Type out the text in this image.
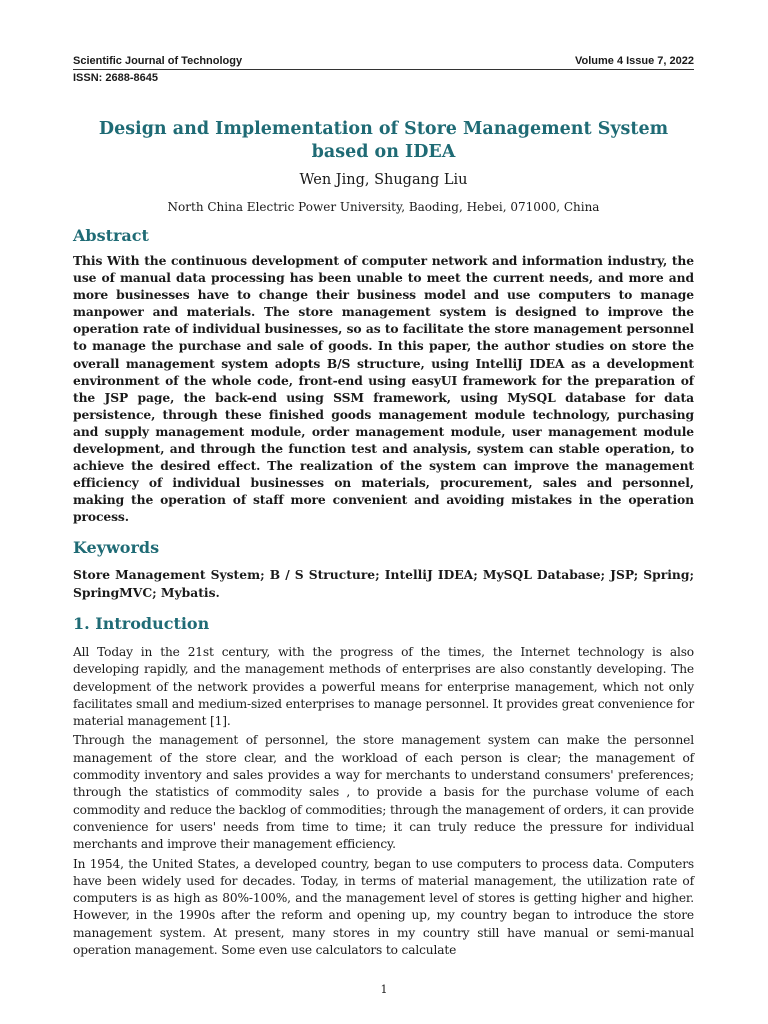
Scientific Journal of Technology	Volume 4 Issue 7, 2022
ISSN: 2688-8645
Design and Implementation of Store Management System based on IDEA
Wen Jing, Shugang Liu
North China Electric Power University, Baoding, Hebei, 071000, China
Abstract
This With the continuous development of computer network and information industry, the use of manual data processing has been unable to meet the current needs, and more and more businesses have to change their business model and use computers to manage manpower and materials. The store management system is designed to improve the operation rate of individual businesses, so as to facilitate the store management personnel to manage the purchase and sale of goods. In this paper, the author studies on store the overall management system adopts B/S structure, using IntelliJ IDEA as a development environment of the whole code, front-end using easyUI framework for the preparation of the JSP page, the back-end using SSM framework, using MySQL database for data persistence, through these finished goods management module technology, purchasing and supply management module, order management module, user management module development, and through the function test and analysis, system can stable operation, to achieve the desired effect. The realization of the system can improve the management efficiency of individual businesses on materials, procurement, sales and personnel, making the operation of staff more convenient and avoiding mistakes in the operation process.
Keywords
Store Management System; B / S Structure; IntelliJ IDEA; MySQL Database; JSP; Spring; SpringMVC; Mybatis.
1. Introduction

All Today in the 21st century, with the progress of the times, the Internet technology is also developing rapidly, and the management methods of enterprises are also constantly developing. The development of the network provides a powerful means for enterprise management, which not only facilitates small and medium-sized enterprises to manage personnel. It provides great convenience for material management [1].

Through the management of personnel, the store management system can make the personnel management of the store clear, and the workload of each person is clear; the management of commodity inventory and sales provides a way for merchants to understand consumers' preferences; through the statistics of commodity sales , to provide a basis for the purchase volume of each commodity and reduce the backlog of commodities; through the management of orders, it can provide convenience for users' needs from time to time; it can truly reduce the pressure for individual merchants and improve their management efficiency.

In 1954, the United States, a developed country, began to use computers to process data. Computers have been widely used for decades. Today, in terms of material management, the utilization rate of computers is as high as 80%-100%, and the management level of stores is getting higher and higher. However, in the 1990s after the reform and opening up, my country began to introduce the store management system. At present, many stores in my country still have manual or semi-manual operation management. Some even use calculators to calculate

1
